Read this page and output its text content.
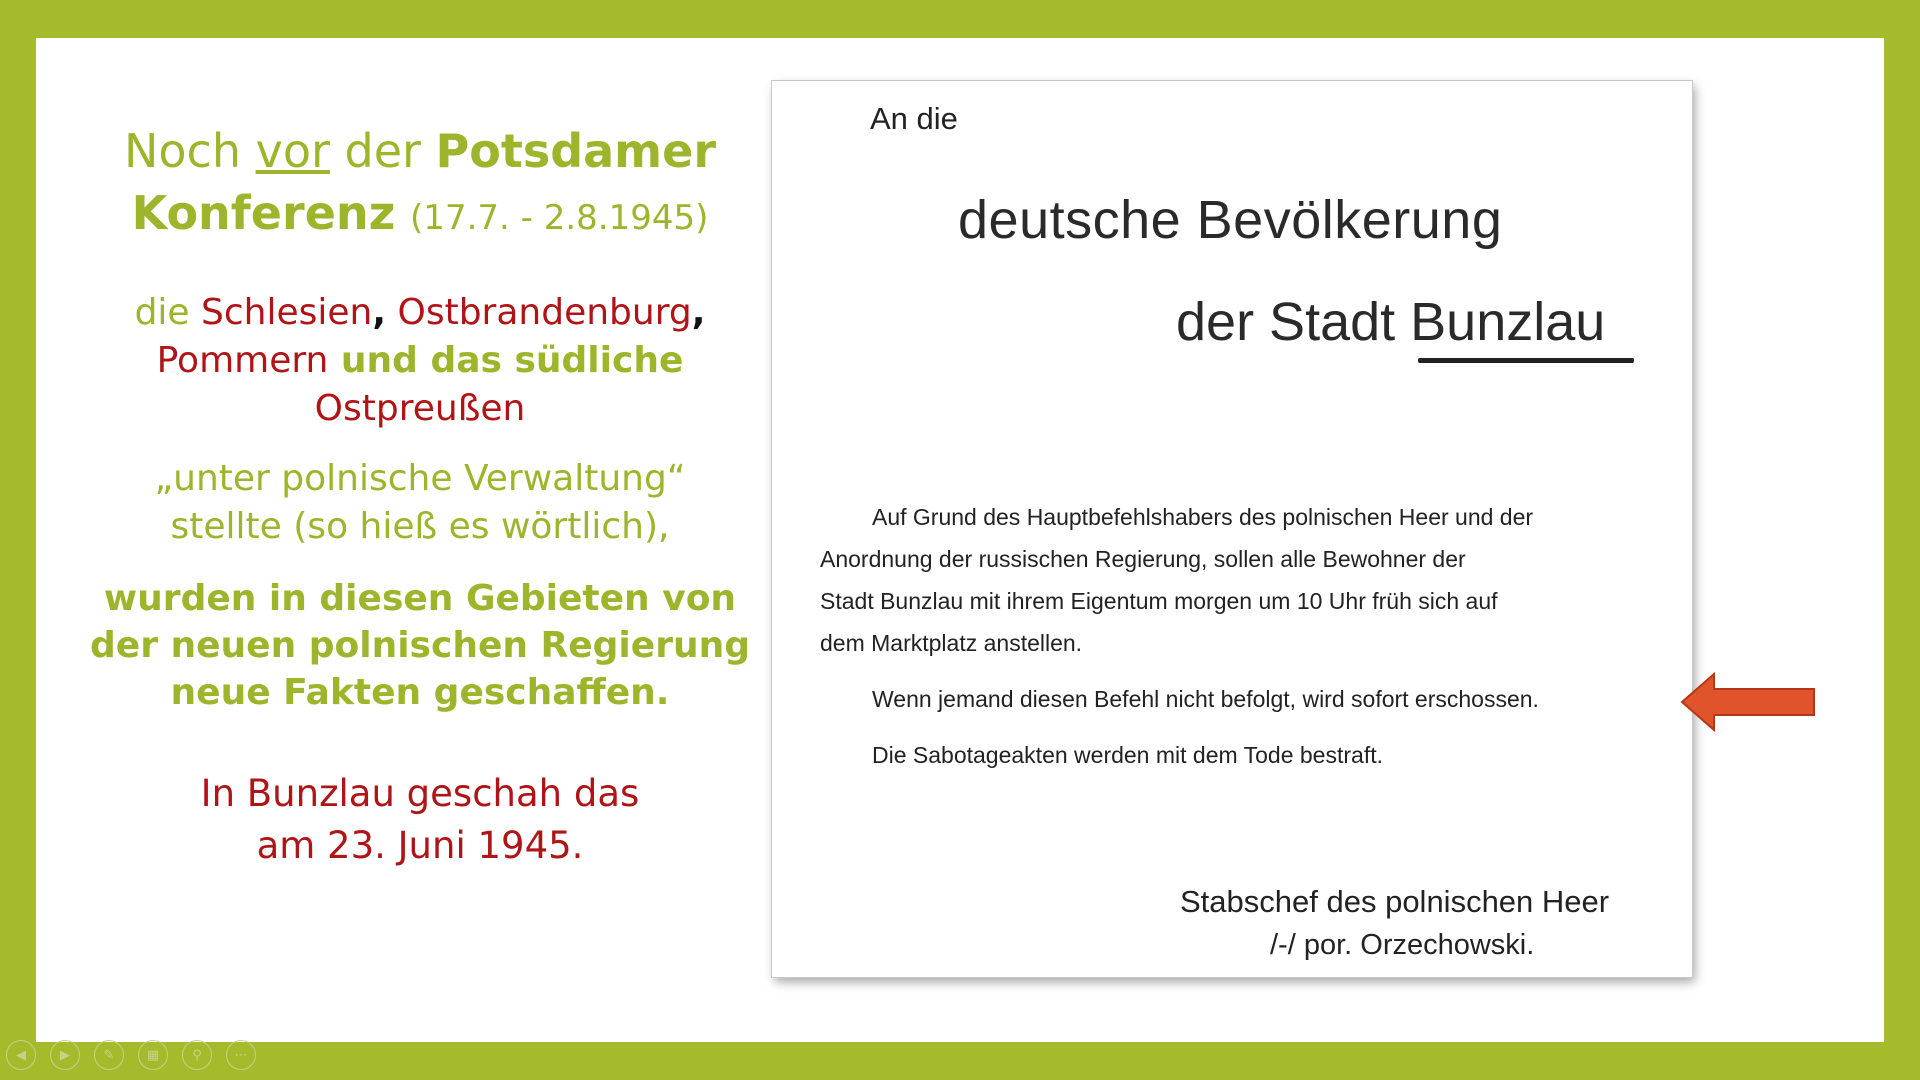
Noch vor der Potsdamer
Konferenz (17.7. - 2.8.1945)

die Schlesien, Ostbrandenburg,
Pommern und das südliche
Ostpreußen

„unter polnische Verwaltung“
stellte (so hieß es wörtlich),

wurden in diesen Gebieten von
der neuen polnischen Regierung
neue Fakten geschaffen.

In Bunzlau geschah das
am 23. Juni 1945.

An die
deutsche Bevölkerung
der Stadt Bunzlau
Auf Grund des Hauptbefehlshabers des polnischen Heer und der
Anordnung der russischen Regierung, sollen alle Bewohner der
Stadt Bunzlau mit ihrem Eigentum morgen um 10 Uhr früh sich auf
dem Marktplatz anstellen.
Wenn jemand diesen Befehl nicht befolgt, wird sofort erschossen.
Die Sabotageakten werden mit dem Tode bestraft.
Stabschef des polnischen Heer
/-/ por. Orzechowski.
◀	▶	✎	▦	⚲	⋯
